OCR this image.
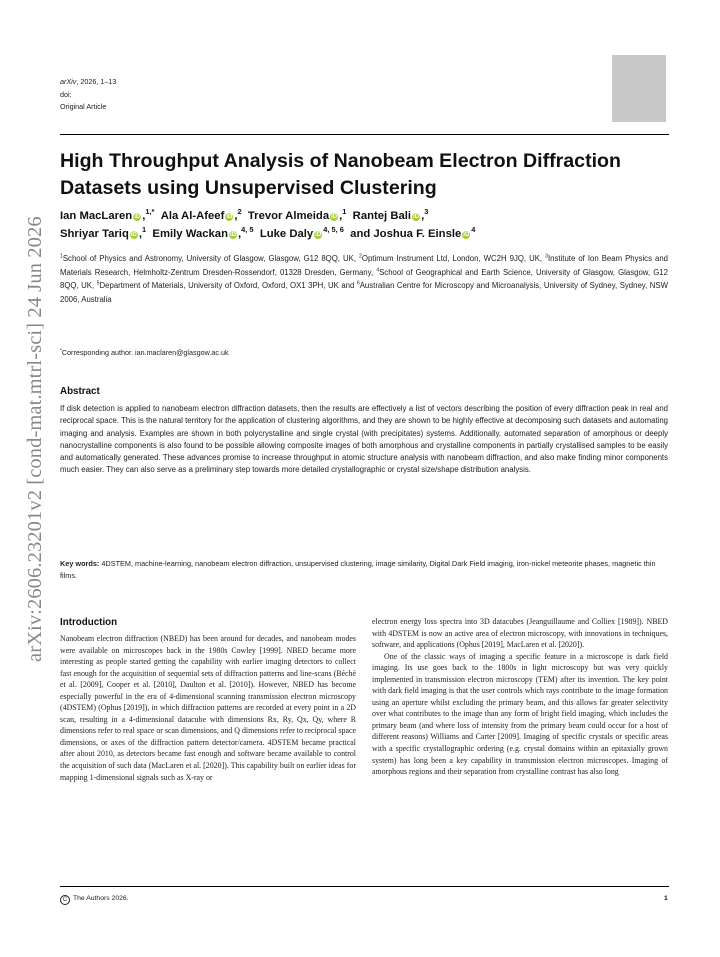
arXiv:2606.23201v2 [cond-mat.mtrl-sci] 24 Jun 2026
arXiv, 2026, 1–13
doi:
Original Article
High Throughput Analysis of Nanobeam Electron Diffraction Datasets using Unsupervised Clustering
Ian MacLaren iD ,$^{1,*}$ Ala Al-Afeef iD ,$^2$ Trevor Almeida iD ,$^1$ Rantej Bali iD ,$^3$
Shriyar Tariq iD ,$^1$ Emily Wackan iD ,$^{4, 5}$ Luke Daly iD$^{4, 5, 6}$ and Joshua F. Einsle $iD^4$
$^1$School of Physics and Astronomy, University of Glasgow, Glasgow, G12 8QQ, UK, $^2$Optimum Instrument Ltd, London, WC2H 9JQ, UK, $^3$Institute of Ion Beam Physics and Materials Research, Helmholtz-Zentrum Dresden-Rossendorf, 01328 Dresden, Germany, $^4$School of Geographical and Earth Science, University of Glasgow, Glasgow, G12 8QQ, UK, $^5$Department of Materials, University of Oxford, Oxford, OX1 3PH, UK and $^6$Australian Centre for Microscopy and Microanalysis, University of Sydney, Sydney, NSW 2006, Australia
*Corresponding author. ian.maclaren@glasgow.ac.uk
Abstract

If disk detection is applied to nanobeam electron diffraction datasets, then the results are effectively a list of vectors describing the position of every diffraction peak in real and reciprocal space. This is the natural territory for the application of clustering algorithms, and they are shown to be highly effective at decomposing such datasets and automating imaging and analysis. Examples are shown in both polycrystalline and single crystal (with precipitates) systems. Additionally, automated separation of amorphous or deeply nanocrystalline components is also found to be possible allowing composite images of both amorphous and crystalline components in partially crystallised samples to be easily and automatically generated. These advances promise to increase throughput in atomic structure analysis with nanobeam diffraction, and also make finding minor components much easier. They can also serve as a preliminary step towards more detailed crystallographic or crystal size/shape distribution analysis.

Key words: 4DSTEM, machine-learning, nanobeam electron diffraction, unsupervised clustering, image similarity, Digital Dark Field imaging, iron-nickel meteorite phases, magnetic thin films.
Introduction

Nanobeam electron diffraction (NBED) has been around for decades, and nanobeam modes were available on microscopes back in the 1980s Cowley [1999]. NBED became more interesting as people started getting the capability with earlier imaging detectors to collect fast enough for the acquisition of sequential sets of diffraction patterns and line-scans (Béché et al. [2009], Cooper et al. [2010], Daulton et al. [2010]). However, NBED has become especially powerful in the era of 4-dimensional scanning transmission electron microscopy (4DSTEM) (Ophus [2019]), in which diffraction patterns are recorded at every point in a 2D scan, resulting in a 4-dimensional datacube with dimensions Rx, Ry, Qx, Qy, where R dimensions refer to real space or scan dimensions, and Q dimensions refer to reciprocal space dimensions, or axes of the diffraction pattern detector/camera. 4DSTEM became practical after about 2010, as detectors became fast enough and software became available to control the acquisition of such data (MacLaren et al. [2020]). This capability built on earlier ideas for mapping 1-dimensional signals such as X-ray or

electron energy loss spectra into 3D datacubes (Jeanguillaume and Colliex [1989]). NBED with 4DSTEM is now an active area of electron microscopy, with innovations in techniques, software, and applications (Ophus [2019], MacLaren et al. [2020]).

One of the classic ways of imaging a specific feature in a microscope is dark field imaging. Its use goes back to the 1800s in light microscopy but was very quickly implemented in transmission electron microscopy (TEM) after its invention. The key point with dark field imaging is that the user controls which rays contribute to the image formation using an aperture whilst excluding the primary beam, and this allows far greater selectivity over what contributes to the image than any form of bright field imaging, which includes the primary beam (and where loss of intensity from the primary beam could occur for a host of different reasons) Williams and Carter [2009]. Imaging of specific crystals or specific areas with a specific crystallographic ordering (e.g. crystal domains within an epitaxially grown system) has long been a key capability in transmission electron microscopes. Imaging of amorphous regions and their separation from crystalline contrast has also long

C The Authors 2026.	1
